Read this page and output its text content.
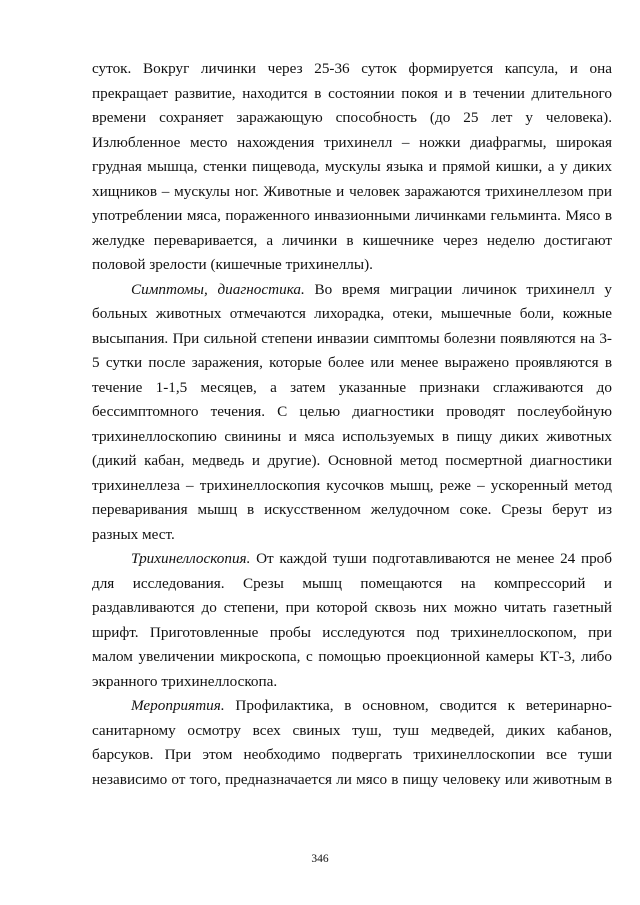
суток. Вокруг личинки через 25-36 суток формируется капсула, и она
прекращает развитие, находится в состоянии покоя и в течении длительного
времени сохраняет заражающую способность (до 25 лет у человека).
Излюбленное место нахождения трихинелл – ножки диафрагмы, широкая
грудная мышца, стенки пищевода, мускулы языка и прямой кишки, а у диких
хищников – мускулы ног. Животные и человек заражаются трихинеллезом при
употреблении мяса, пораженного инвазионными личинками гельминта. Мясо в
желудке переваривается, а личинки в кишечнике через неделю достигают
половой зрелости (кишечные трихинеллы).
Симптомы, диагностика. Во время миграции личинок трихинелл у
больных животных отмечаются лихорадка, отеки, мышечные боли, кожные
высыпания. При сильной степени инвазии симптомы болезни появляются на 3-
5 сутки после заражения, которые более или менее выражено проявляются в
течение 1-1,5 месяцев, а затем указанные признаки сглаживаются до
бессимптомного течения. С целью диагностики проводят послеубойную
трихинеллоскопию свинины и мяса используемых в пищу диких животных
(дикий кабан, медведь и другие). Основной метод посмертной диагностики
трихинеллеза – трихинеллоскопия кусочков мышц, реже – ускоренный метод
переваривания мышц в искусственном желудочном соке. Срезы берут из
разных мест.
Трихинеллоскопия. От каждой туши подготавливаются не менее 24 проб
для исследования. Срезы мышц помещаются на компрессорий и
раздавливаются до степени, при которой сквозь них можно читать газетный
шрифт. Приготовленные пробы исследуются под трихинеллоскопом, при
малом увеличении микроскопа, с помощью проекционной камеры КТ-3, либо
экранного трихинеллоскопа.
Мероприятия. Профилактика, в основном, сводится к ветеринарно-
санитарному осмотру всех свиных туш, туш медведей, диких кабанов,
барсуков. При этом необходимо подвергать трихинеллоскопии все туши
независимо от того, предназначается ли мясо в пищу человеку или животным в
346
